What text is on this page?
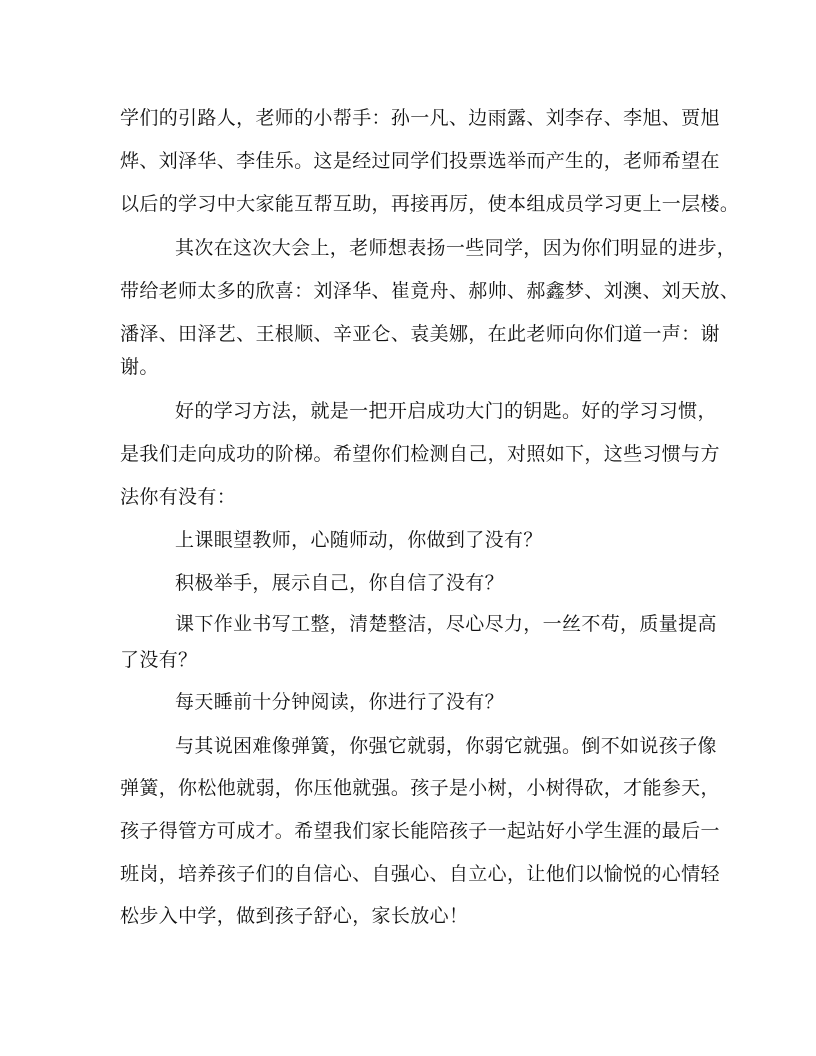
学们的引路人，老师的小帮手：孙一凡、边雨露、刘李存、李旭、贾旭
烨、刘泽华、李佳乐。这是经过同学们投票选举而产生的，老师希望在
以后的学习中大家能互帮互助，再接再厉，使本组成员学习更上一层楼。
其次在这次大会上，老师想表扬一些同学，因为你们明显的进步，
带给老师太多的欣喜：刘泽华、崔竟舟、郝帅、郝鑫梦、刘澳、刘天放、
潘泽、田泽艺、王根顺、辛亚仑、袁美娜，在此老师向你们道一声：谢
谢。
好的学习方法，就是一把开启成功大门的钥匙。好的学习习惯，
是我们走向成功的阶梯。希望你们检测自己，对照如下，这些习惯与方
法你有没有：
上课眼望教师，心随师动，你做到了没有？
积极举手，展示自己，你自信了没有？
课下作业书写工整，清楚整洁，尽心尽力，一丝不苟，质量提高
了没有？
每天睡前十分钟阅读，你进行了没有？
与其说困难像弹簧，你强它就弱，你弱它就强。倒不如说孩子像
弹簧，你松他就弱，你压他就强。孩子是小树，小树得砍，才能参天，
孩子得管方可成才。希望我们家长能陪孩子一起站好小学生涯的最后一
班岗，培养孩子们的自信心、自强心、自立心，让他们以愉悦的心情轻
松步入中学，做到孩子舒心，家长放心！
